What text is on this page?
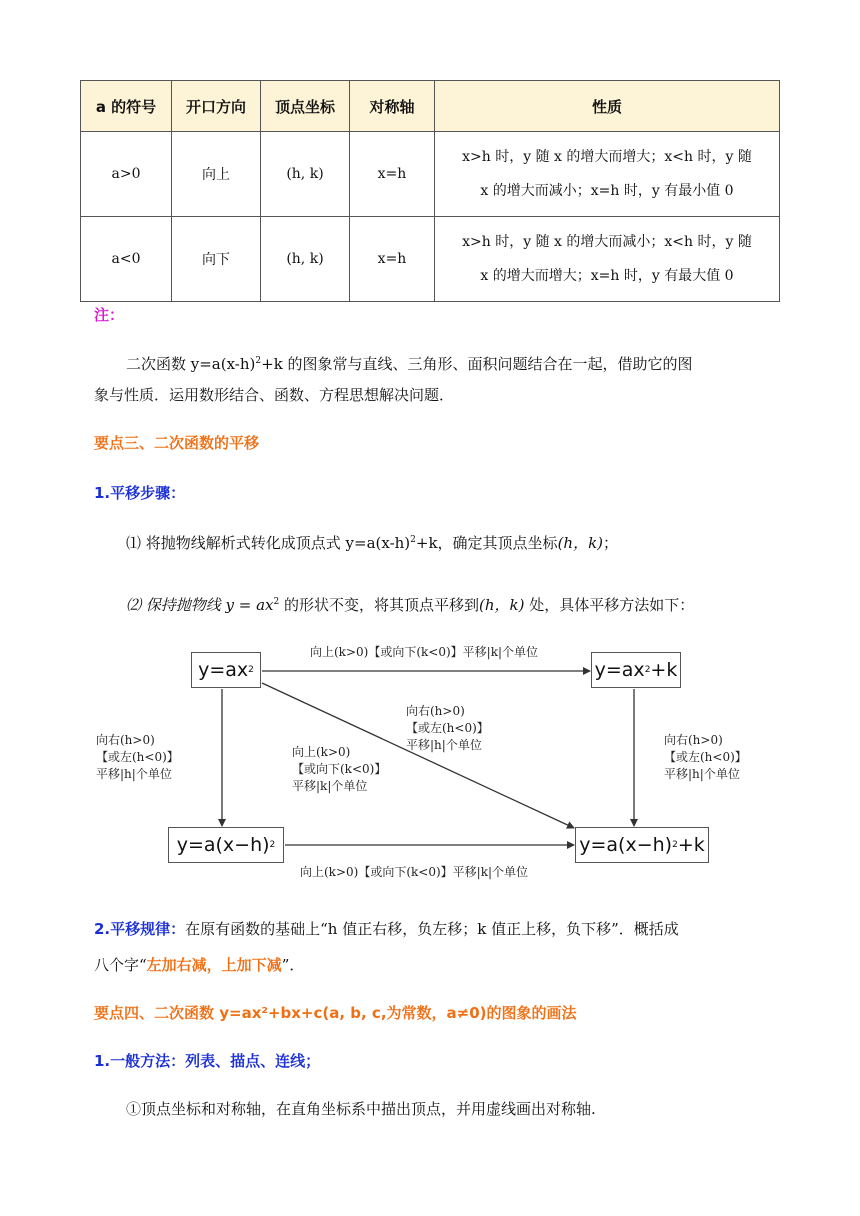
a 的符号	开口方向	顶点坐标	对称轴	性质
a>0	向上	(h, k)	x=h	x>h 时，y 随 x 的增大而增大；x<h 时，y 随
x 的增大而减小；x=h 时，y 有最小值 0

a<0	向下	(h, k)	x=h	x>h 时，y 随 x 的增大而减小；x<h 时，y 随
x 的增大而增大；x=h 时，y 有最大值 0
注：
二次函数 $y=a(x-h)^2+k$ 的图象常与直线、三角形、面积问题结合在一起，借助它的图
象与性质．运用数形结合、函数、方程思想解决问题．
要点三、二次函数的平移
1.平移步骤：
⑴ 将抛物线解析式转化成顶点式 $y=a(x-h)^2+k$，确定其顶点坐标(h，k)；
⑵ 保持抛物线 $y = ax^2$ 的形状不变，将其顶点平移到(h，k) 处，具体平移方法如下：
y=ax 2	y=ax 2 +k
y=a(x−h) 2	y=a(x−h) 2 +k
向上(k>0)【或向下(k<0)】平移|k|个单位
向上(k>0)【或向下(k<0)】平移|k|个单位
向右(h>0)
【或左(h<0)】
平移|h|个单位
向右(h>0)
【或左(h<0)】
平移|h|个单位
向右(h>0)
【或左(h<0)】
平移|h|个单位
向上(k>0)
【或向下(k<0)】
平移|k|个单位
2.平移规律：在原有函数的基础上“h 值正右移，负左移；k 值正上移，负下移”．概括成
八个字“左加右减，上加下减”．
要点四、二次函数 y=ax²+bx+c(a, b, c,为常数，a≠0)的图象的画法
1.一般方法：列表、描点、连线；
①顶点坐标和对称轴，在直角坐标系中描出顶点，并用虚线画出对称轴.
